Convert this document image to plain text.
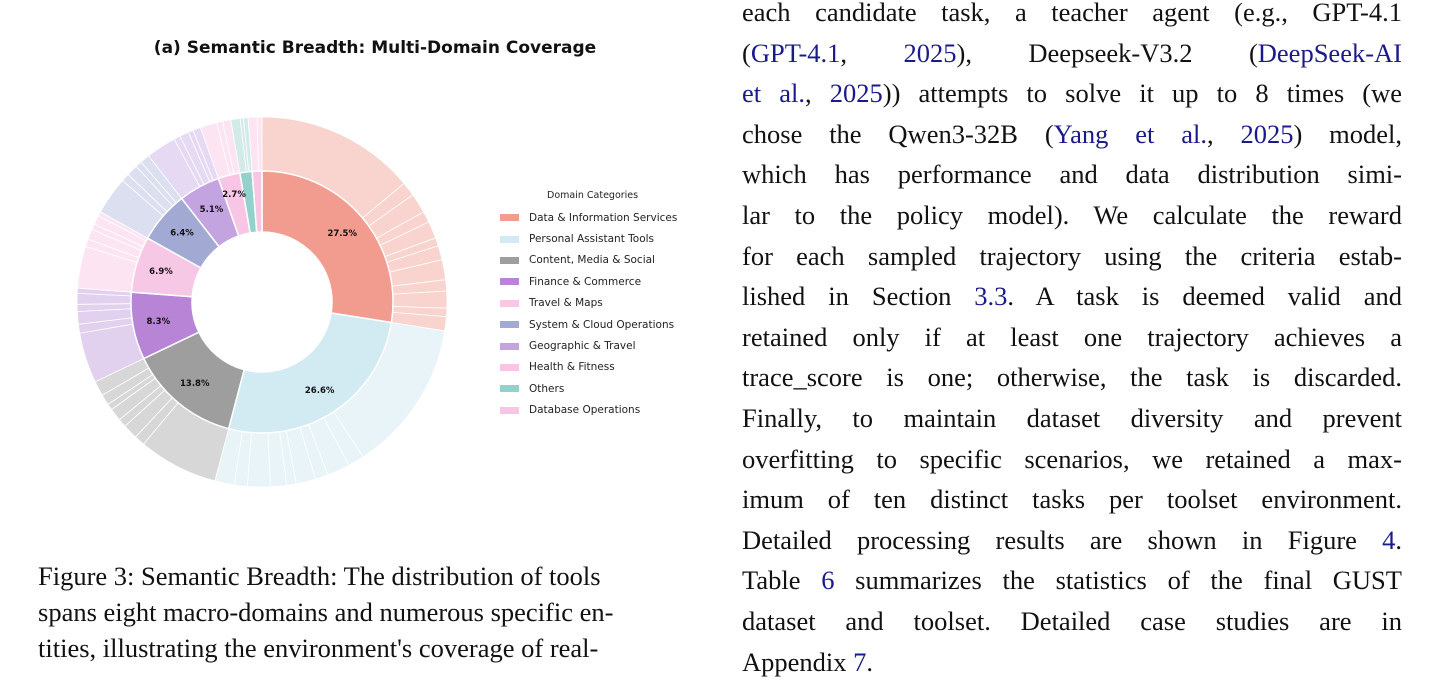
(a) Semantic Breadth: Multi-Domain Coverage
27.5%
26.6%
13.8%
8.3%
6.9%
6.4%
5.1%
2.7%	Domain Categories
Data & Information Services
Personal Assistant Tools
Content, Media & Social
Finance & Commerce
Travel & Maps
System & Cloud Operations
Geographic & Travel
Health & Fitness
Others
Database Operations
Figure 3: Semantic Breadth: The distribution of tools
spans eight macro-domains and numerous specific en-
tities, illustrating the environment's coverage of real-
each candidate task, a teacher agent (e.g., GPT-4.1
(GPT-4.1, 2025), Deepseek-V3.2 (DeepSeek-AI
et al., 2025)) attempts to solve it up to 8 times (we
chose the Qwen3-32B (Yang et al., 2025) model,
which has performance and data distribution simi-
lar to the policy model). We calculate the reward
for each sampled trajectory using the criteria estab-
lished in Section 3.3. A task is deemed valid and
retained only if at least one trajectory achieves a
trace_score is one; otherwise, the task is discarded.
Finally, to maintain dataset diversity and prevent
overfitting to specific scenarios, we retained a max-
imum of ten distinct tasks per toolset environment.
Detailed processing results are shown in Figure 4.
Table 6 summarizes the statistics of the final GUST
dataset and toolset. Detailed case studies are in
Appendix 7.
